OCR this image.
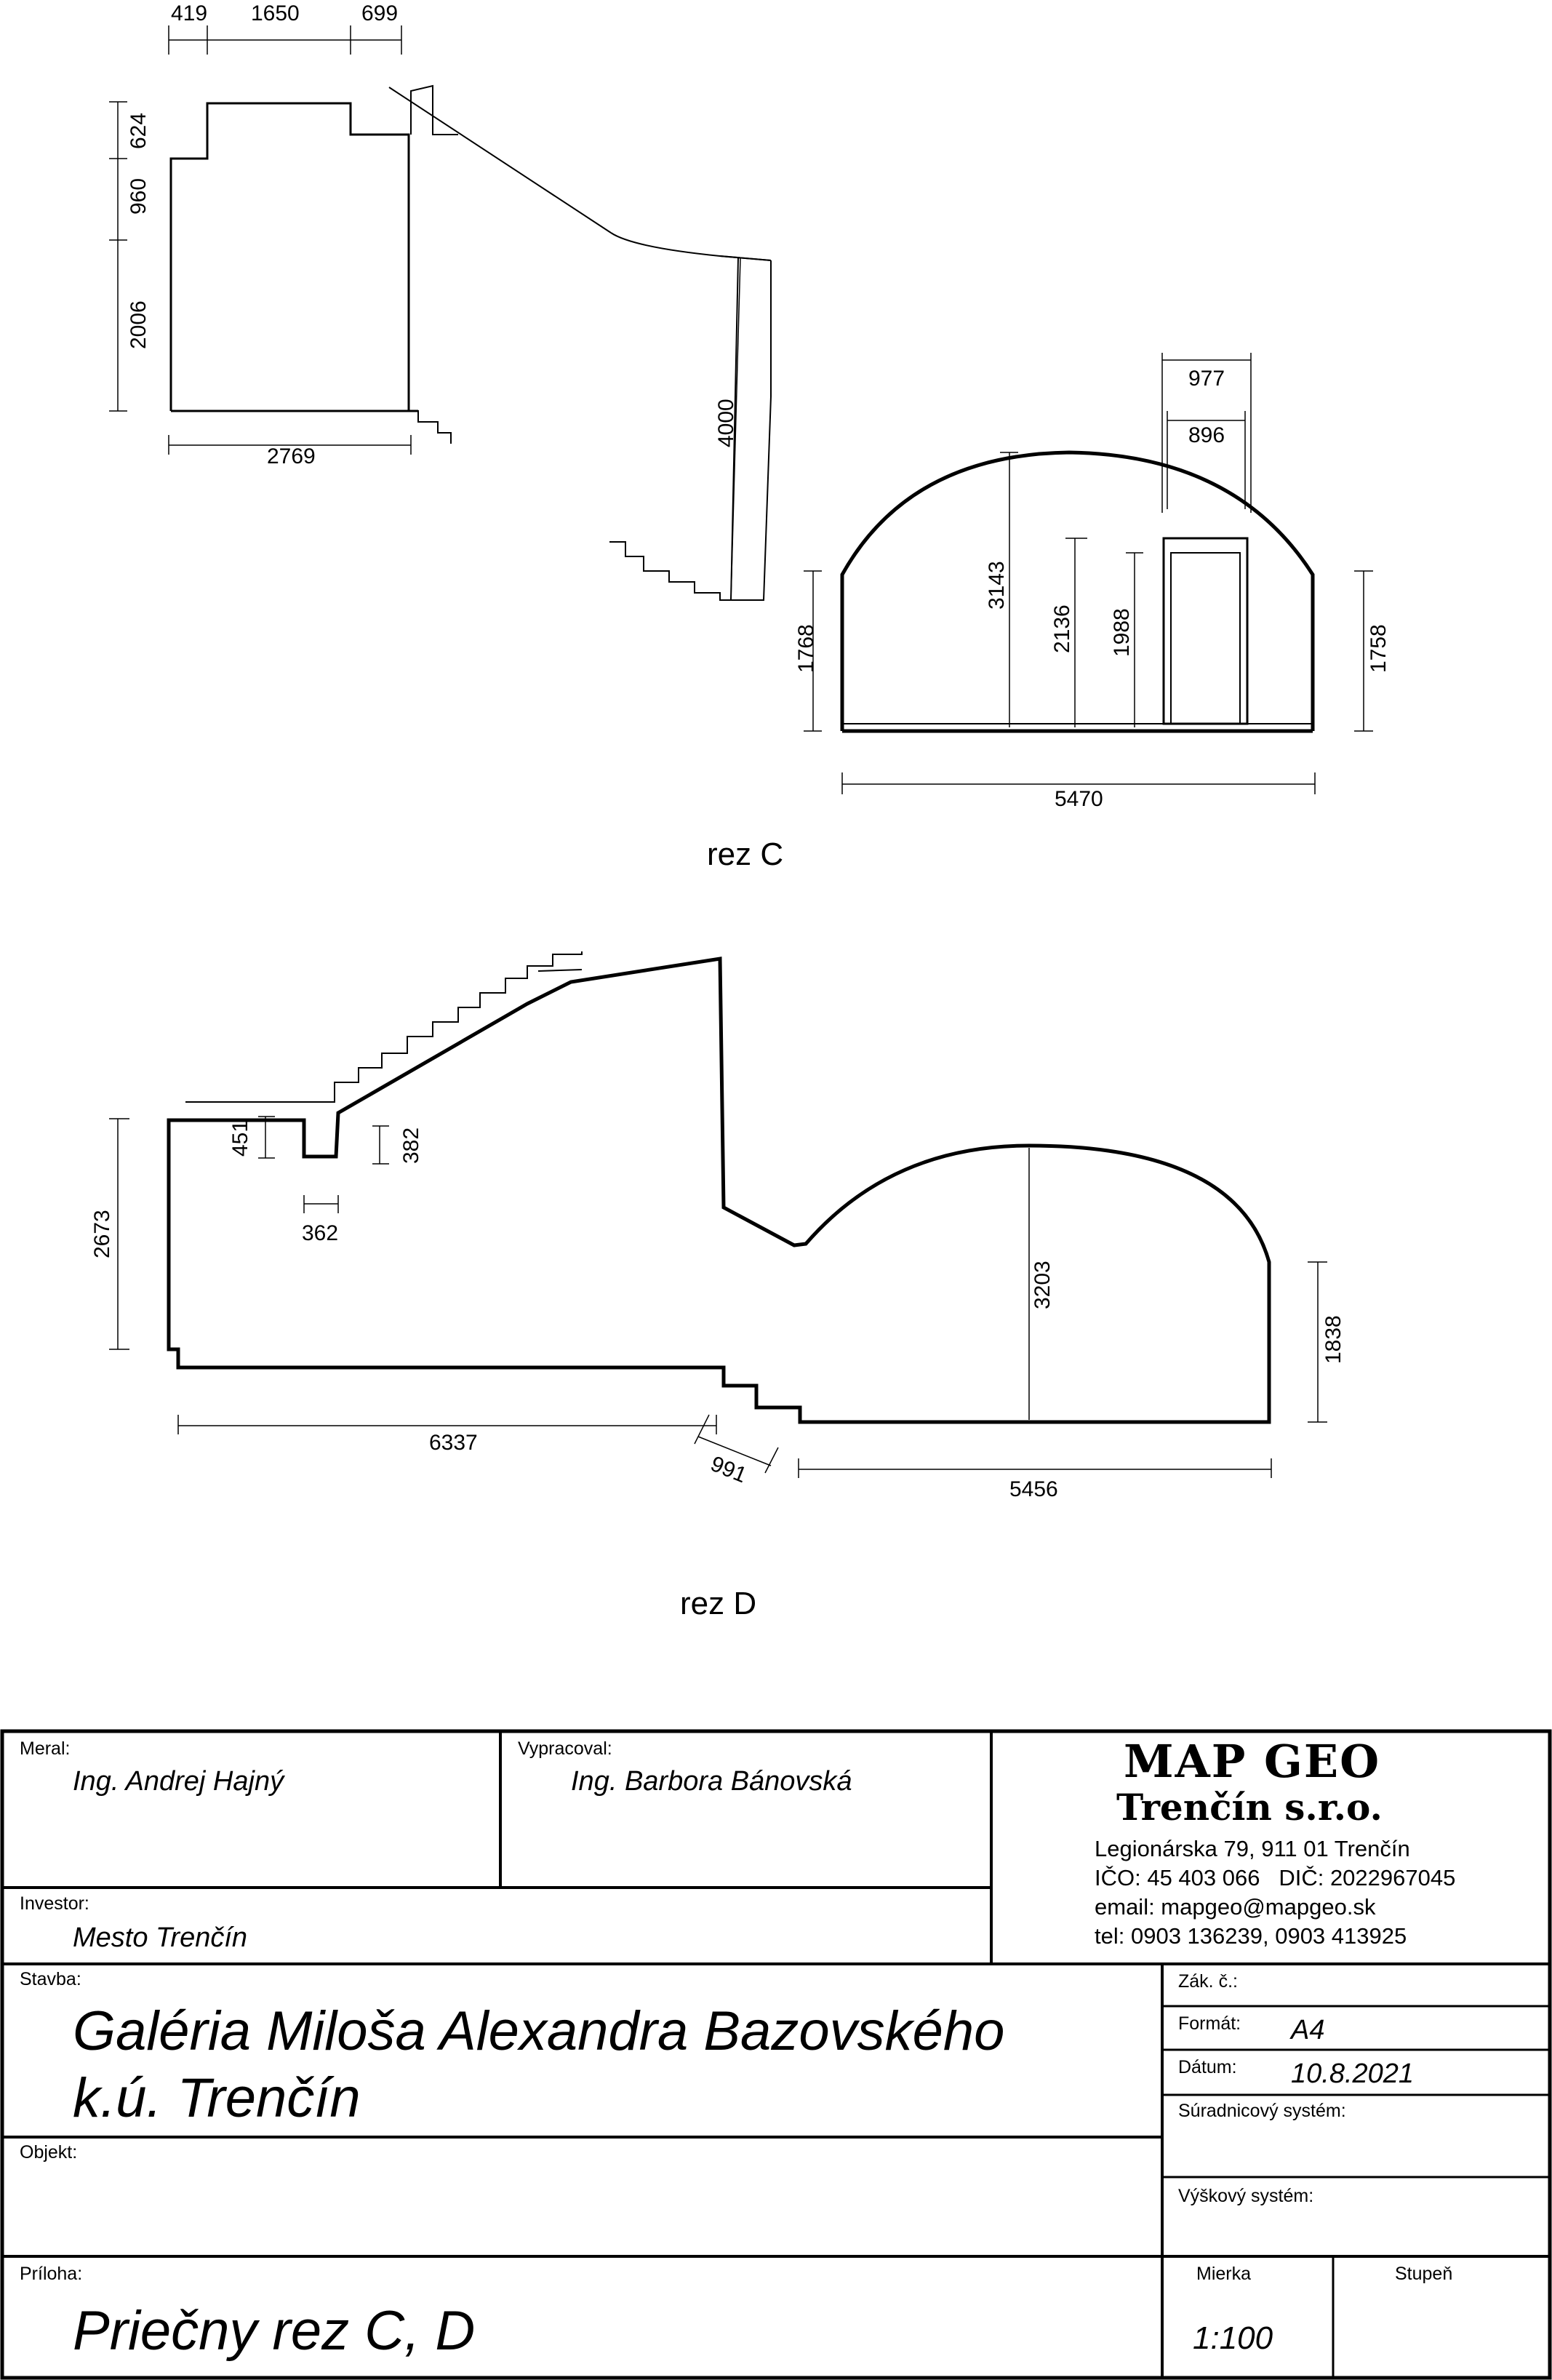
419 1650	699
624
960
2006
2769
4000
977
896
3143
2136 1988
1768	1758
5470
2673
451	382
362
3203
1838
6337
991
5456
rez C
rez D
Meral:
Ing. Andrej Hajný
Vypracoval:
Ing. Barbora Bánovská
Investor:
Mesto Trenčín
MAP GEO
Trenčín s.r.o.
Legionárska 79, 911 01 Trenčín
IČO: 45 403 066   DIČ: 2022967045
email: mapgeo@mapgeo.sk
tel: 0903 136239, 0903 413925
Stavba:
Galéria Miloša Alexandra Bazovského
k.ú. Trenčín
Objekt:
Zák. č.:
Formát: A4
Dátum: 10.8.2021
Súradnicový systém:
Výškový systém:
Príloha:
Priečny rez C, D
Mierka
1:100
Stupeň
